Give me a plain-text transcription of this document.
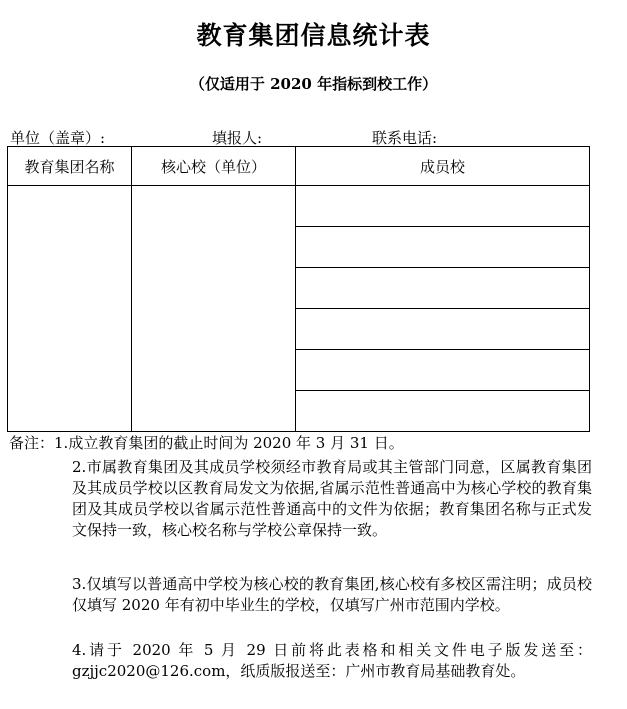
教育集团信息统计表
（仅适用于 2020 年指标到校工作）
单位（盖章）:	填报人:	联系电话:
教育集团名称	核心校（单位）	成员校

备注：1.成立教育集团的截止时间为 2020 年 3 月 31 日。
2.市属教育集团及其成员学校须经市教育局或其主管部门同意，区属教育集团及其成员学校以区教育局发文为依据,省属示范性普通高中为核心学校的教育集团及其成员学校以省属示范性普通高中的文件为依据；教育集团名称与正式发文保持一致，核心校名称与学校公章保持一致。
3.仅填写以普通高中学校为核心校的教育集团,核心校有多校区需注明；成员校仅填写 2020 年有初中毕业生的学校，仅填写广州市范围内学校。
4.请于 2020 年 5 月 29 日前将此表格和相关文件电子版发送至：gzjjc2020@126.com，纸质版报送至：广州市教育局基础教育处。
